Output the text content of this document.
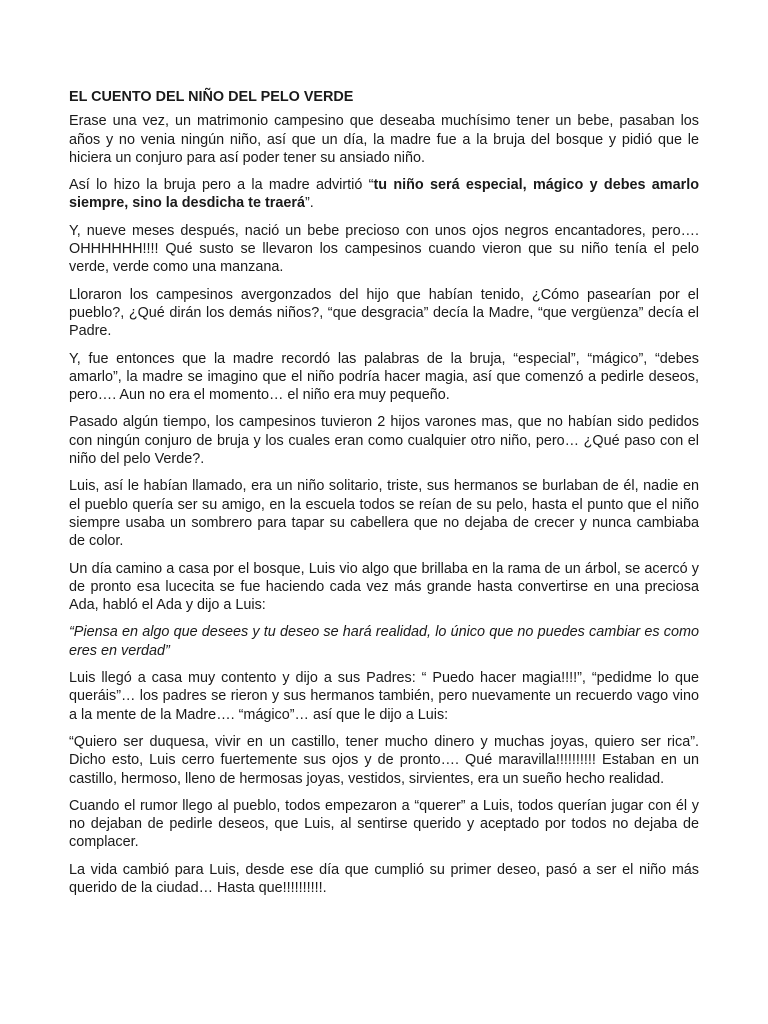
EL CUENTO DEL NIÑO DEL PELO VERDE

Erase una vez, un matrimonio campesino que deseaba muchísimo tener un bebe, pasaban los años y no venia ningún niño, así que un día, la madre fue a la bruja del bosque y pidió que le hiciera un conjuro para así poder tener su ansiado niño.

Así lo hizo la bruja pero a la madre advirtió “tu niño será especial, mágico y debes amarlo siempre, sino la desdicha te traerá”.

Y, nueve meses después, nació un bebe precioso con unos ojos negros encantadores, pero…. OHHHHHH!!!! Qué susto se llevaron los campesinos cuando vieron que su niño tenía el pelo verde, verde como una manzana.

Lloraron los campesinos avergonzados del hijo que habían tenido, ¿Cómo pasearían por el pueblo?, ¿Qué dirán los demás niños?, “que desgracia” decía la Madre, “que vergüenza” decía el Padre.

Y, fue entonces que la madre recordó las palabras de la bruja, “especial”, “mágico”, “debes amarlo”, la madre se imagino que el niño podría hacer magia, así que comenzó a pedirle deseos, pero…. Aun no era el momento… el niño era muy pequeño.

Pasado algún tiempo, los campesinos tuvieron 2 hijos varones mas, que no habían sido pedidos con ningún conjuro de bruja y los cuales eran como cualquier otro niño, pero… ¿Qué paso con el niño del pelo Verde?.

Luis, así le habían llamado, era un niño solitario, triste, sus hermanos se burlaban de él, nadie en el pueblo quería ser su amigo, en la escuela todos se reían de su pelo, hasta el punto que el niño siempre usaba un sombrero para tapar su cabellera que no dejaba de crecer y nunca cambiaba de color.

Un día camino a casa por el bosque, Luis vio algo que brillaba en la rama de un árbol, se acercó y de pronto esa lucecita se fue haciendo cada vez más grande hasta convertirse en una preciosa Ada, habló el Ada y dijo a Luis:

“Piensa en algo que desees y tu deseo se hará realidad, lo único que no puedes cambiar es como eres en verdad”

Luis llegó a casa muy contento y dijo a sus Padres: “ Puedo hacer magia!!!!”, “pedidme lo que queráis”… los padres se rieron y sus hermanos también, pero nuevamente un recuerdo vago vino a la mente de la Madre…. “mágico”… así que le dijo a Luis:

“Quiero ser duquesa, vivir en un castillo, tener mucho dinero y muchas joyas, quiero ser rica”. Dicho esto, Luis cerro fuertemente sus ojos y de pronto…. Qué maravilla!!!!!!!!!! Estaban en un castillo, hermoso, lleno de hermosas joyas, vestidos, sirvientes, era un sueño hecho realidad.

Cuando el rumor llego al pueblo, todos empezaron a “querer” a Luis, todos querían jugar con él y no dejaban de pedirle deseos, que Luis, al sentirse querido y aceptado por todos no dejaba de complacer.

La vida cambió para Luis, desde ese día que cumplió su primer deseo, pasó a ser el niño más querido de la ciudad… Hasta que!!!!!!!!!!.
